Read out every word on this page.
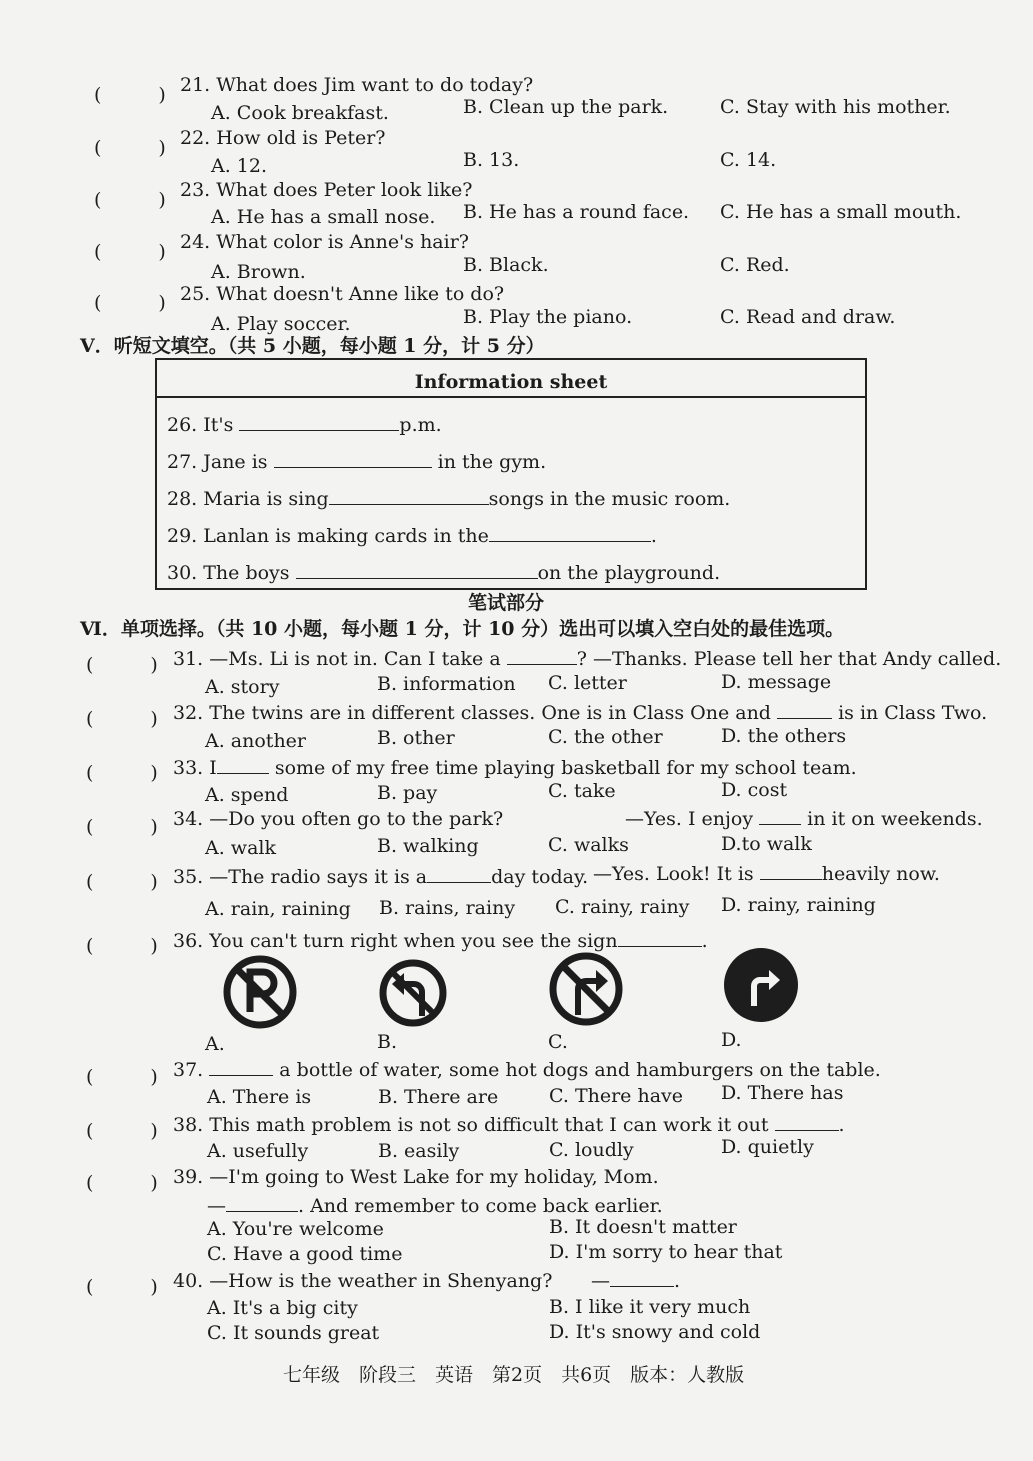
(　　　) 21. What does Jim want to do today?
A. Cook breakfast.	B. Clean up the park.	C. Stay with his mother.
(　　　) 22. How old is Peter?
A. 12.	B. 13.	C. 14.
(　　　) 23. What does Peter look like?
A. He has a small nose. B. He has a round face. C. He has a small mouth.
(　　　) 24. What color is Anne's hair?
A. Brown.	B. Black.	C. Red.
(　　　) 25. What doesn't Anne like to do?
A. Play soccer.	B. Play the piano.	C. Read and draw.
V．听短文填空。（共 5 小题，每小题 1 分，计 5 分）
Information sheet
26. It's	p.m.
27. Jane is	in the gym.
28. Maria is sing	songs in the music room.
29. Lanlan is making cards in the	.
30. The boys	on the playground.
笔试部分
Ⅵ．单项选择。（共 10 小题，每小题 1 分，计 10 分）选出可以填入空白处的最佳选项。
(　　　) 31. —Ms. Li is not in. Can I take a	? —Thanks. Please tell her that Andy called.
A. story	B. information C. letter	D. message
(　　　) 32. The twins are in different classes. One is in Class One and	is in Class Two.
A. another	B. other	C. the other	D. the others
(　　　) 33. I	some of my free time playing basketball for my school team.
A. spend	B. pay	C. take	D. cost
(　　　) 34. —Do you often go to the park?	—Yes. I enjoy	in it on weekends.
A. walk	B. walking	C. walks	D.to walk
(　　　) 35. —The radio says it is a	day today. —Yes. Look! It is	heavily now.
A. rain, raining B. rains, rainy C. rainy, rainy D. rainy, raining
(　　　) 36. You can't turn right when you see the sign	.
A.	B.	C.	D.
(　　　) 37.	a bottle of water, some hot dogs and hamburgers on the table.
A. There is	B. There are	C. There have D. There has
(　　　) 38. This math problem is not so difficult that I can work it out	.
A. usefully	B. easily	C. loudly	D. quietly
(　　　) 39. —I'm going to West Lake for my holiday, Mom.
—	. And remember to come back earlier.
A. You're welcome	B. It doesn't matter
C. Have a good time	D. I'm sorry to hear that
(　　　) 40. —How is the weather in Shenyang? —	.
A. It's a big city	B. I like it very much
C. It sounds great	D. It's snowy and cold
七年级　阶段三　英语　第2页　共6页　版本：人教版
